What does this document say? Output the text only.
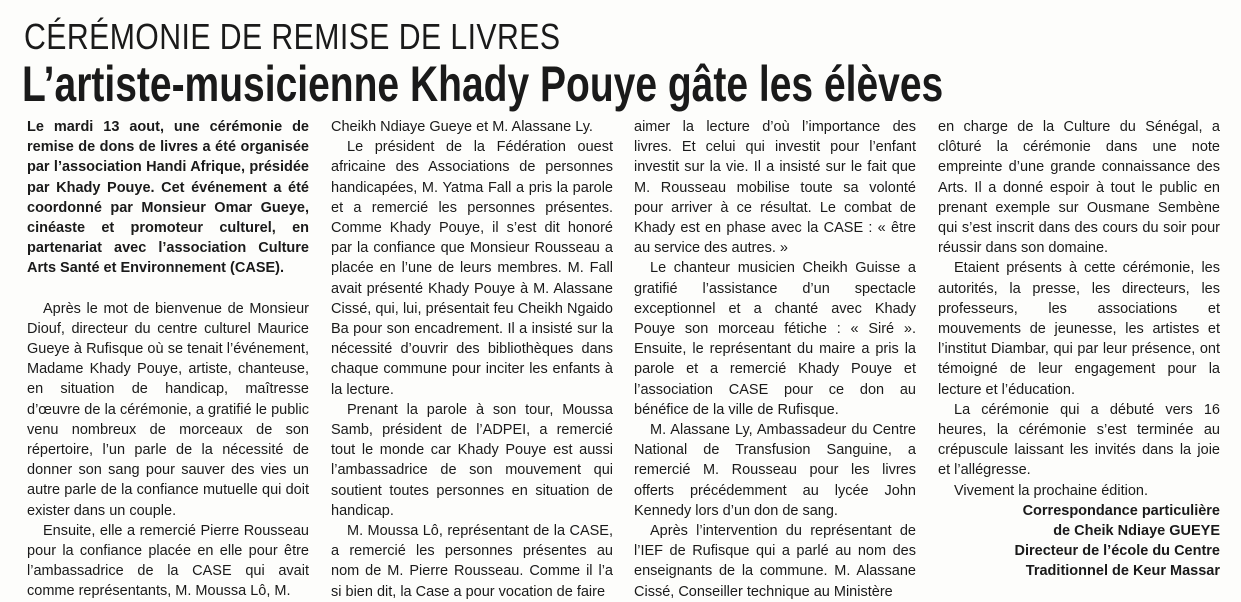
CÉRÉMONIE DE REMISE DE LIVRES
L’artiste-musicienne Khady Pouye gâte les élèves

Le mardi 13 aout, une cérémonie de remise de dons de livres a été organisée par l’association Handi Afrique, présidée par Khady Pouye. Cet événement a été coordonné par Monsieur Omar Gueye, cinéaste et promoteur culturel, en partenariat avec l’association Culture Arts Santé et Environnement (CASE).

Après le mot de bienvenue de Monsieur Diouf, directeur du centre culturel Maurice Gueye à Rufisque où se tenait l’événement, Madame Khady Pouye, artiste, chanteuse, en situation de handicap, maîtresse d’œuvre de la cérémonie, a gratifié le public venu nombreux de morceaux de son répertoire, l’un parle de la nécessité de donner son sang pour sauver des vies un autre parle de la confiance mutuelle qui doit exister dans un couple.

Ensuite, elle a remercié Pierre Rousseau pour la confiance placée en elle pour être l’ambassadrice de la CASE qui avait comme représentants, M. Moussa Lô, M.

Cheikh Ndiaye Gueye et M. Alassane Ly.

Le président de la Fédération ouest africaine des Associations de personnes handicapées, M. Yatma Fall a pris la parole et a remercié les personnes présentes. Comme Khady Pouye, il s’est dit honoré par la confiance que Monsieur Rousseau a placée en l’une de leurs membres. M. Fall avait présenté Khady Pouye à M. Alassane Cissé, qui, lui, présentait feu Cheikh Ngaido Ba pour son encadrement. Il a insisté sur la nécessité d’ouvrir des bibliothèques dans chaque commune pour inciter les enfants à la lecture.

Prenant la parole à son tour, Moussa Samb, président de l’ADPEI, a remercié tout le monde car Khady Pouye est aussi l’ambassadrice de son mouvement qui soutient toutes personnes en situation de handicap.

M. Moussa Lô, représentant de la CASE, a remercié les personnes présentes au nom de M. Pierre Rousseau. Comme il l’a si bien dit, la Case a pour vocation de faire

aimer la lecture d’où l’importance des livres. Et celui qui investit pour l’enfant investit sur la vie. Il a insisté sur le fait que M. Rousseau mobilise toute sa volonté pour arriver à ce résultat. Le combat de Khady est en phase avec la CASE : « être au service des autres. »

Le chanteur musicien Cheikh Guisse a gratifié l’assistance d’un spectacle exceptionnel et a chanté avec Khady Pouye son morceau fétiche : « Siré ». Ensuite, le représentant du maire a pris la parole et a remercié Khady Pouye et l’association CASE pour ce don au bénéfice de la ville de Rufisque.

M. Alassane Ly, Ambassadeur du Centre National de Transfusion Sanguine, a remercié M. Rousseau pour les livres offerts précédemment au lycée John Kennedy lors d’un don de sang.

Après l’intervention du représentant de l’IEF de Rufisque qui a parlé au nom des enseignants de la commune. M. Alassane Cissé, Conseiller technique au Ministère

en charge de la Culture du Sénégal, a clôturé la cérémonie dans une note empreinte d’une grande connaissance des Arts. Il a donné espoir à tout le public en prenant exemple sur Ousmane Sembène qui s’est inscrit dans des cours du soir pour réussir dans son domaine.

Etaient présents à cette cérémonie, les autorités, la presse, les directeurs, les professeurs, les associations et mouvements de jeunesse, les artistes et l’institut Diambar, qui par leur présence, ont témoigné de leur engagement pour la lecture et l’éducation.

La cérémonie qui a débuté vers 16 heures, la cérémonie s’est terminée au crépuscule laissant les invités dans la joie et l’allégresse.

Vivement la prochaine édition.

Correspondance particulière

de Cheik Ndiaye GUEYE

Directeur de l’école du Centre

Traditionnel de Keur Massar
